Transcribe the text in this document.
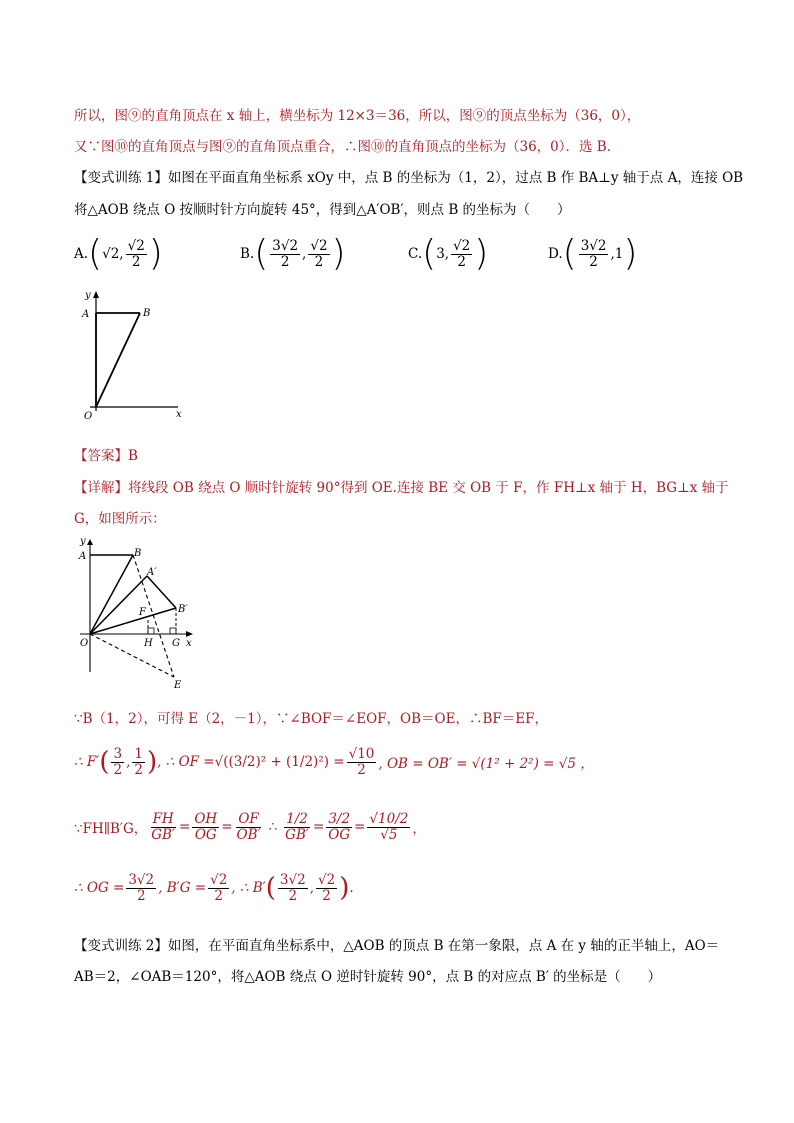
所以，图⑨的直角顶点在 x 轴上，横坐标为 12×3＝36，所以，图⑨的顶点坐标为（36，0），
又∵图⑩的直角顶点与图⑨的直角顶点重合，∴图⑩的直角顶点的坐标为（36，0）．选 B.
【变式训练 1】如图在平面直角坐标系 xOy 中，点 B 的坐标为（1，2），过点 B 作 BA⊥y 轴于点 A，连接 OB
将△AOB 绕点 O 按顺时针方向旋转 45°，得到△A′OB′，则点 B 的坐标为（　　）
A. ( √2 , $\frac{√2}{2}$ )	B. ( $\frac{3√2}{2}$ , $\frac{√2}{2}$ )	C. ( 3 , $\frac{√2}{2}$ )	D. ( $\frac{3√2}{2}$ , 1 )
y
A	B
O	x
【答案】B
【详解】将线段 OB 绕点 O 顺时针旋转 90°得到 OE.连接 BE 交 OB 于 F，作 FH⊥x 轴于 H，BG⊥x 轴于
G，如图所示：
y
A	B
A′
F	B′
O	H G x
E
∵B（1，2），可得 E（2，－1），∵∠BOF＝∠EOF，OB＝OE，∴BF＝EF，
∴ F′ ( $\frac{3}{2}$ , $\frac{1}{2}$ ) , ∴ OF = $√((3/2)^2 + (1/2)^2) = \frac{√10}{2}$ , OB = OB′ = √(1² + 2²) = √5 ，
∵FH∥B′G， $\frac{FH}{GB'} = \frac{OH}{OG} = \frac{OF}{OB'}$ ∴ $\frac{1/2}{GB'} = \frac{3/2}{OG} = \frac{√10/2}{√5}$ ，
∴ OG = $\frac{3√2}{2}$ , $B'G = \frac{√2}{2}$ , ∴ B′ ( $\frac{3√2}{2}$ , $\frac{√2}{2}$ ) .
【变式训练 2】如图，在平面直角坐标系中，△AOB 的顶点 B 在第一象限，点 A 在 y 轴的正半轴上，AO＝
AB＝2，∠OAB＝120°，将△AOB 绕点 O 逆时针旋转 90°，点 B 的对应点 B′ 的坐标是（　　）
